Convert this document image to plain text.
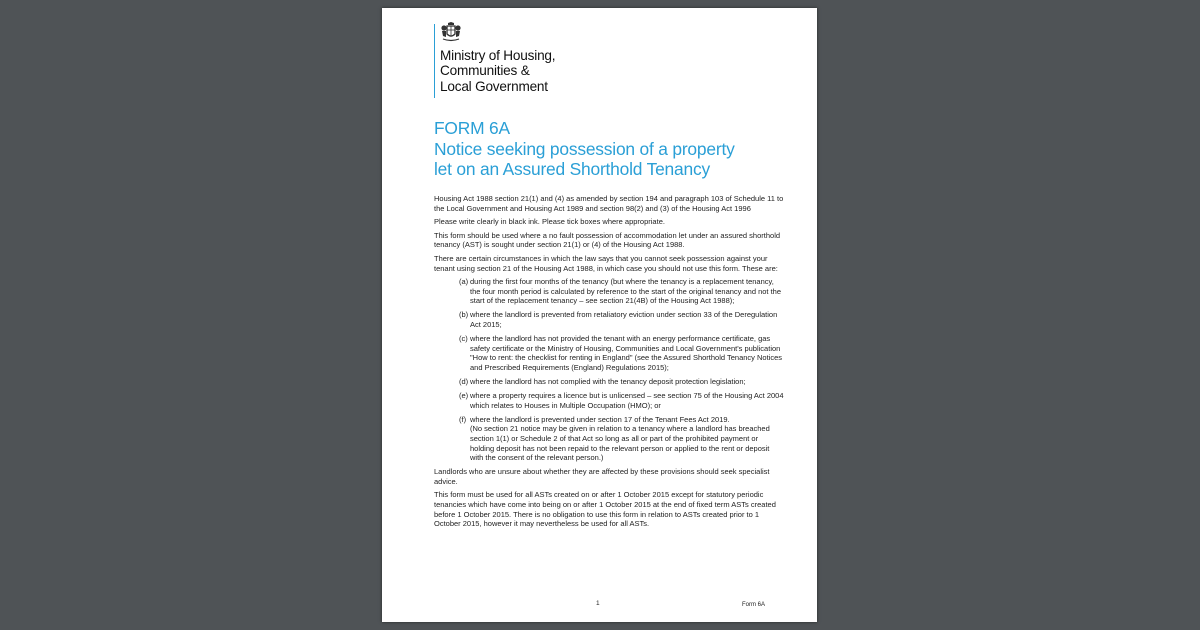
Ministry of Housing,
Communities &
Local Government
FORM 6A
Notice seeking possession of a property
let on an Assured Shorthold Tenancy

Housing Act 1988 section 21(1) and (4) as amended by section 194 and paragraph 103 of Schedule 11 to the Local Government and Housing Act 1989 and section 98(2) and (3) of the Housing Act 1996

Please write clearly in black ink. Please tick boxes where appropriate.

This form should be used where a no fault possession of accommodation let under an assured shorthold tenancy (AST) is sought under section 21(1) or (4) of the Housing Act 1988.

There are certain circumstances in which the law says that you cannot seek possession against your tenant using section 21 of the Housing Act 1988, in which case you should not use this form. These are:

(a) during the first four months of the tenancy (but where the tenancy is a replacement tenancy, the four month period is calculated by reference to the start of the original tenancy and not the start of the replacement tenancy – see section 21(4B) of the Housing Act 1988);
(b) where the landlord is prevented from retaliatory eviction under section 33 of the Deregulation Act 2015;
(c) where the landlord has not provided the tenant with an energy performance certificate, gas safety certificate or the Ministry of Housing, Communities and Local Government's publication "How to rent: the checklist for renting in England" (see the Assured Shorthold Tenancy Notices and Prescribed Requirements (England) Regulations 2015);
(d) where the landlord has not complied with the tenancy deposit protection legislation;
(e) where a property requires a licence but is unlicensed – see section 75 of the Housing Act 2004 which relates to Houses in Multiple Occupation (HMO); or
(f) where the landlord is prevented under section 17 of the Tenant Fees Act 2019.
(No section 21 notice may be given in relation to a tenancy where a landlord has breached section 1(1) or Schedule 2 of that Act so long as all or part of the prohibited payment or holding deposit has not been repaid to the relevant person or applied to the rent or deposit with the consent of the relevant person.)

Landlords who are unsure about whether they are affected by these provisions should seek specialist advice.

This form must be used for all ASTs created on or after 1 October 2015 except for statutory periodic tenancies which have come into being on or after 1 October 2015 at the end of fixed term ASTs created before 1 October 2015. There is no obligation to use this form in relation to ASTs created prior to 1 October 2015, however it may nevertheless be used for all ASTs.

1	Form 6A
